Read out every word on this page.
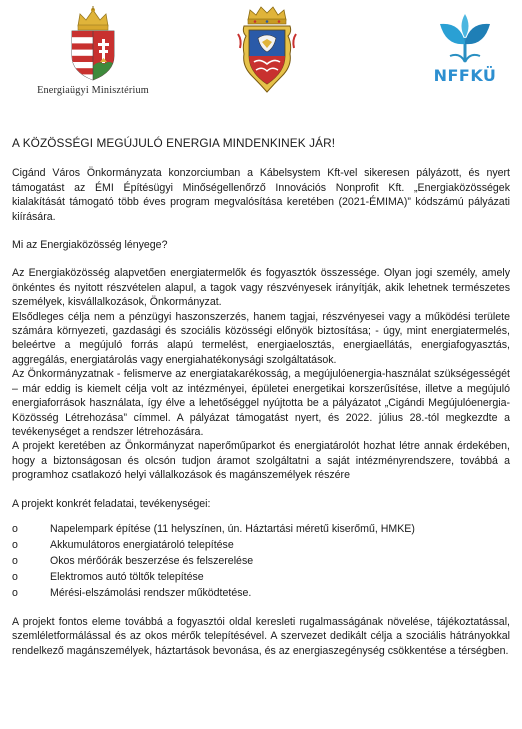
Energiaügyi Minisztérium
NFFKÜ

A KÖZÖSSÉGI MEGÚJULÓ ENERGIA MINDENKINEK JÁR!

Cigánd Város Önkormányzata konzorciumban a Kábelsystem Kft-vel sikeresen pályázott, és nyert támogatást az ÉMI Építésügyi Minőségellenőrző Innovációs Nonprofit Kft. „Energiaközösségek kialakítását támogató több éves program megvalósítása keretében (2021-ÉMIMA)” kódszámú pályázati kiírására.

Mi az Energiaközösség lényege?

Az Energiaközösség alapvetően energiatermelők és fogyasztók összessége. Olyan jogi személy, amely önkéntes és nyitott részvételen alapul, a tagok vagy részvényesek irányítják, akik lehetnek természetes személyek, kisvállalkozások, Önkormányzat.

Elsődleges célja nem a pénzügyi haszonszerzés, hanem tagjai, részvényesei vagy a működési területe számára környezeti, gazdasági és szociális közösségi előnyök biztosítása; - úgy, mint energiatermelés, beleértve a megújuló forrás alapú termelést, energiaelosztás, energiaellátás, energiafogyasztás, aggregálás, energiatárolás vagy energiahatékonysági szolgáltatások.

Az Önkormányzatnak - felismerve az energiatakarékosság, a megújulóenergia-használat szükségességét – már eddig is kiemelt célja volt az intézményei, épületei energetikai korszerűsítése, illetve a megújuló energiaforrások használata, így élve a lehetőséggel nyújtotta be a pályázatot „Cigándi Megújulóenergia-Közösség Létrehozása” címmel. A pályázat támogatást nyert, és 2022. július 28.-tól megkezdte a tevékenységet a rendszer létrehozására.

A projekt keretében az Önkormányzat naperőműparkot és energiatárolót hozhat létre annak érdekében, hogy a biztonságosan és olcsón tudjon áramot szolgáltatni a saját intézményrendszere, továbbá a programhoz csatlakozó helyi vállalkozások és magánszemélyek részére

A projekt konkrét feladatai, tevékenységei:

o	Napelempark építése (11 helyszínen, ún. Háztartási méretű kiserőmű, HMKE)
o	Akkumulátoros energiatároló telepítése
o	Okos mérőórák beszerzése és felszerelése
o	Elektromos autó töltők telepítése
o	Mérési-elszámolási rendszer működtetése.

A projekt fontos eleme továbbá a fogyasztói oldal keresleti rugalmasságának növelése, tájékoztatással, szemléletformálással és az okos mérők telepítésével. A szervezet dedikált célja a szociális hátrányokkal rendelkező magánszemélyek, háztartások bevonása, és az energiaszegénység csökkentése a térségben.
